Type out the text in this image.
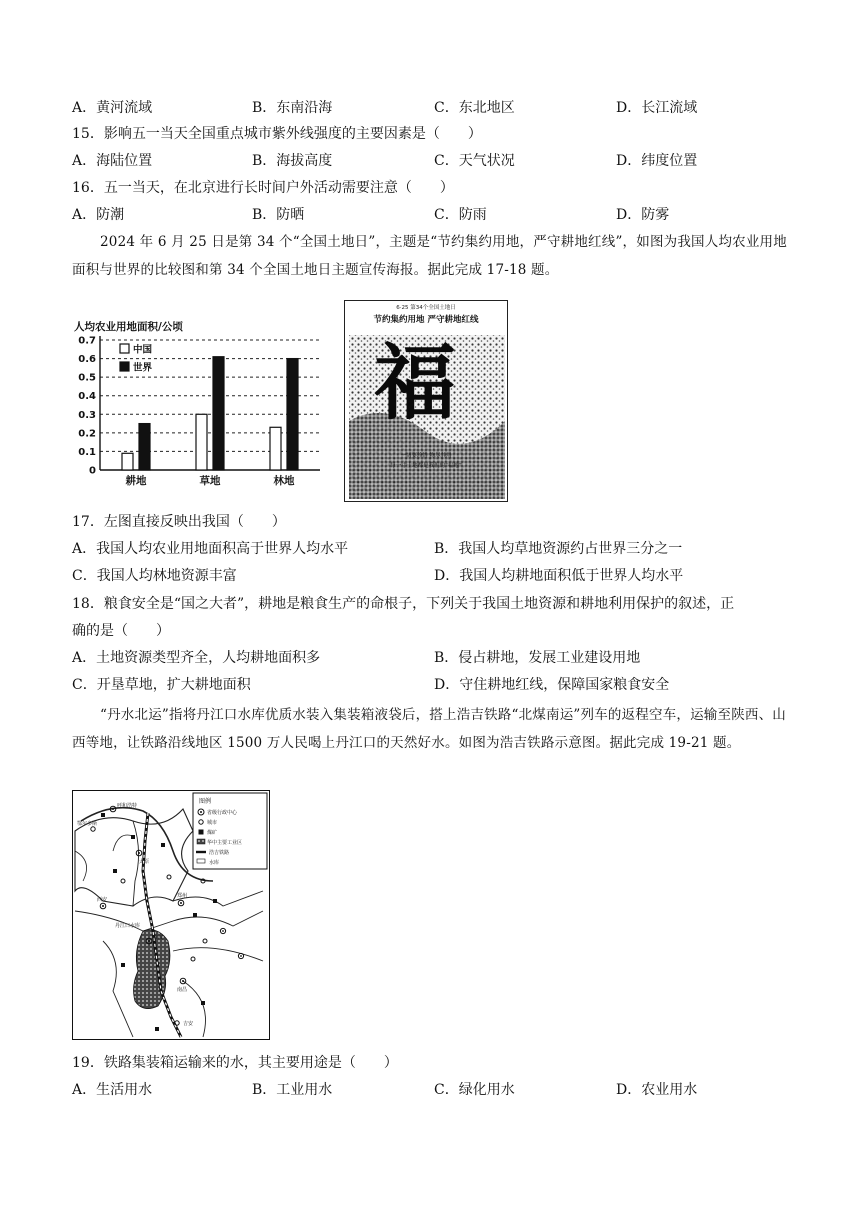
A．黄河流域	B．东南沿海	C．东北地区	D．长江流域
15．影响五一当天全国重点城市紫外线强度的主要因素是（　　）
A．海陆位置	B．海拔高度	C．天气状况	D．纬度位置
16．五一当天，在北京进行长时间户外活动需要注意（　　）
A．防潮	B．防晒	C．防雨	D．防雾
2024 年 6 月 25 日是第 34 个“全国土地日”，主题是“节约集约用地，严守耕地红线”，如图为我国人均农业用地面积与世界的比较图和第 34 个全国土地日主题宣传海报。据此完成 17-18 题。
人均农业用地面积/公顷
0
0.1
0.2
0.3
0.4
0.5
0.6
0.7
耕地	草地	林地
中国
世界
6·25 第34个全国土地日
节约集约用地 严守耕地红线
福
一切要珍惜 物尽其用
每一寸土地都是我们的“福地”
17．左图直接反映出我国（　　）
A．我国人均农业用地面积高于世界人均水平	B．我国人均草地资源约占世界三分之一
C．我国人均林地资源丰富	D．我国人均耕地面积低于世界人均水平
18．粮食安全是“国之大者”，耕地是粮食生产的命根子，下列关于我国土地资源和耕地利用保护的叙述，正
确的是（　　）
A．土地资源类型齐全，人均耕地面积多	B．侵占耕地，发展工业建设用地
C．开垦草地，扩大耕地面积	D．守住耕地红线，保障国家粮食安全
“丹水北运”指将丹江口水库优质水装入集装箱液袋后，搭上浩吉铁路“北煤南运”列车的返程空车，运输至陕西、山西等地，让铁路沿线地区 1500 万人民喝上丹江口的天然好水。如图为浩吉铁路示意图。据此完成 19-21 题。
图例
省级行政中心
城市
煤矿
华中主要工业区
浩吉铁路
水库
呼和浩特
鄂尔多斯
太原
西安
郑州
丹江口水库
武汉
南昌
吉安
19．铁路集装箱运输来的水，其主要用途是（　　）
A．生活用水	B．工业用水	C．绿化用水	D．农业用水
